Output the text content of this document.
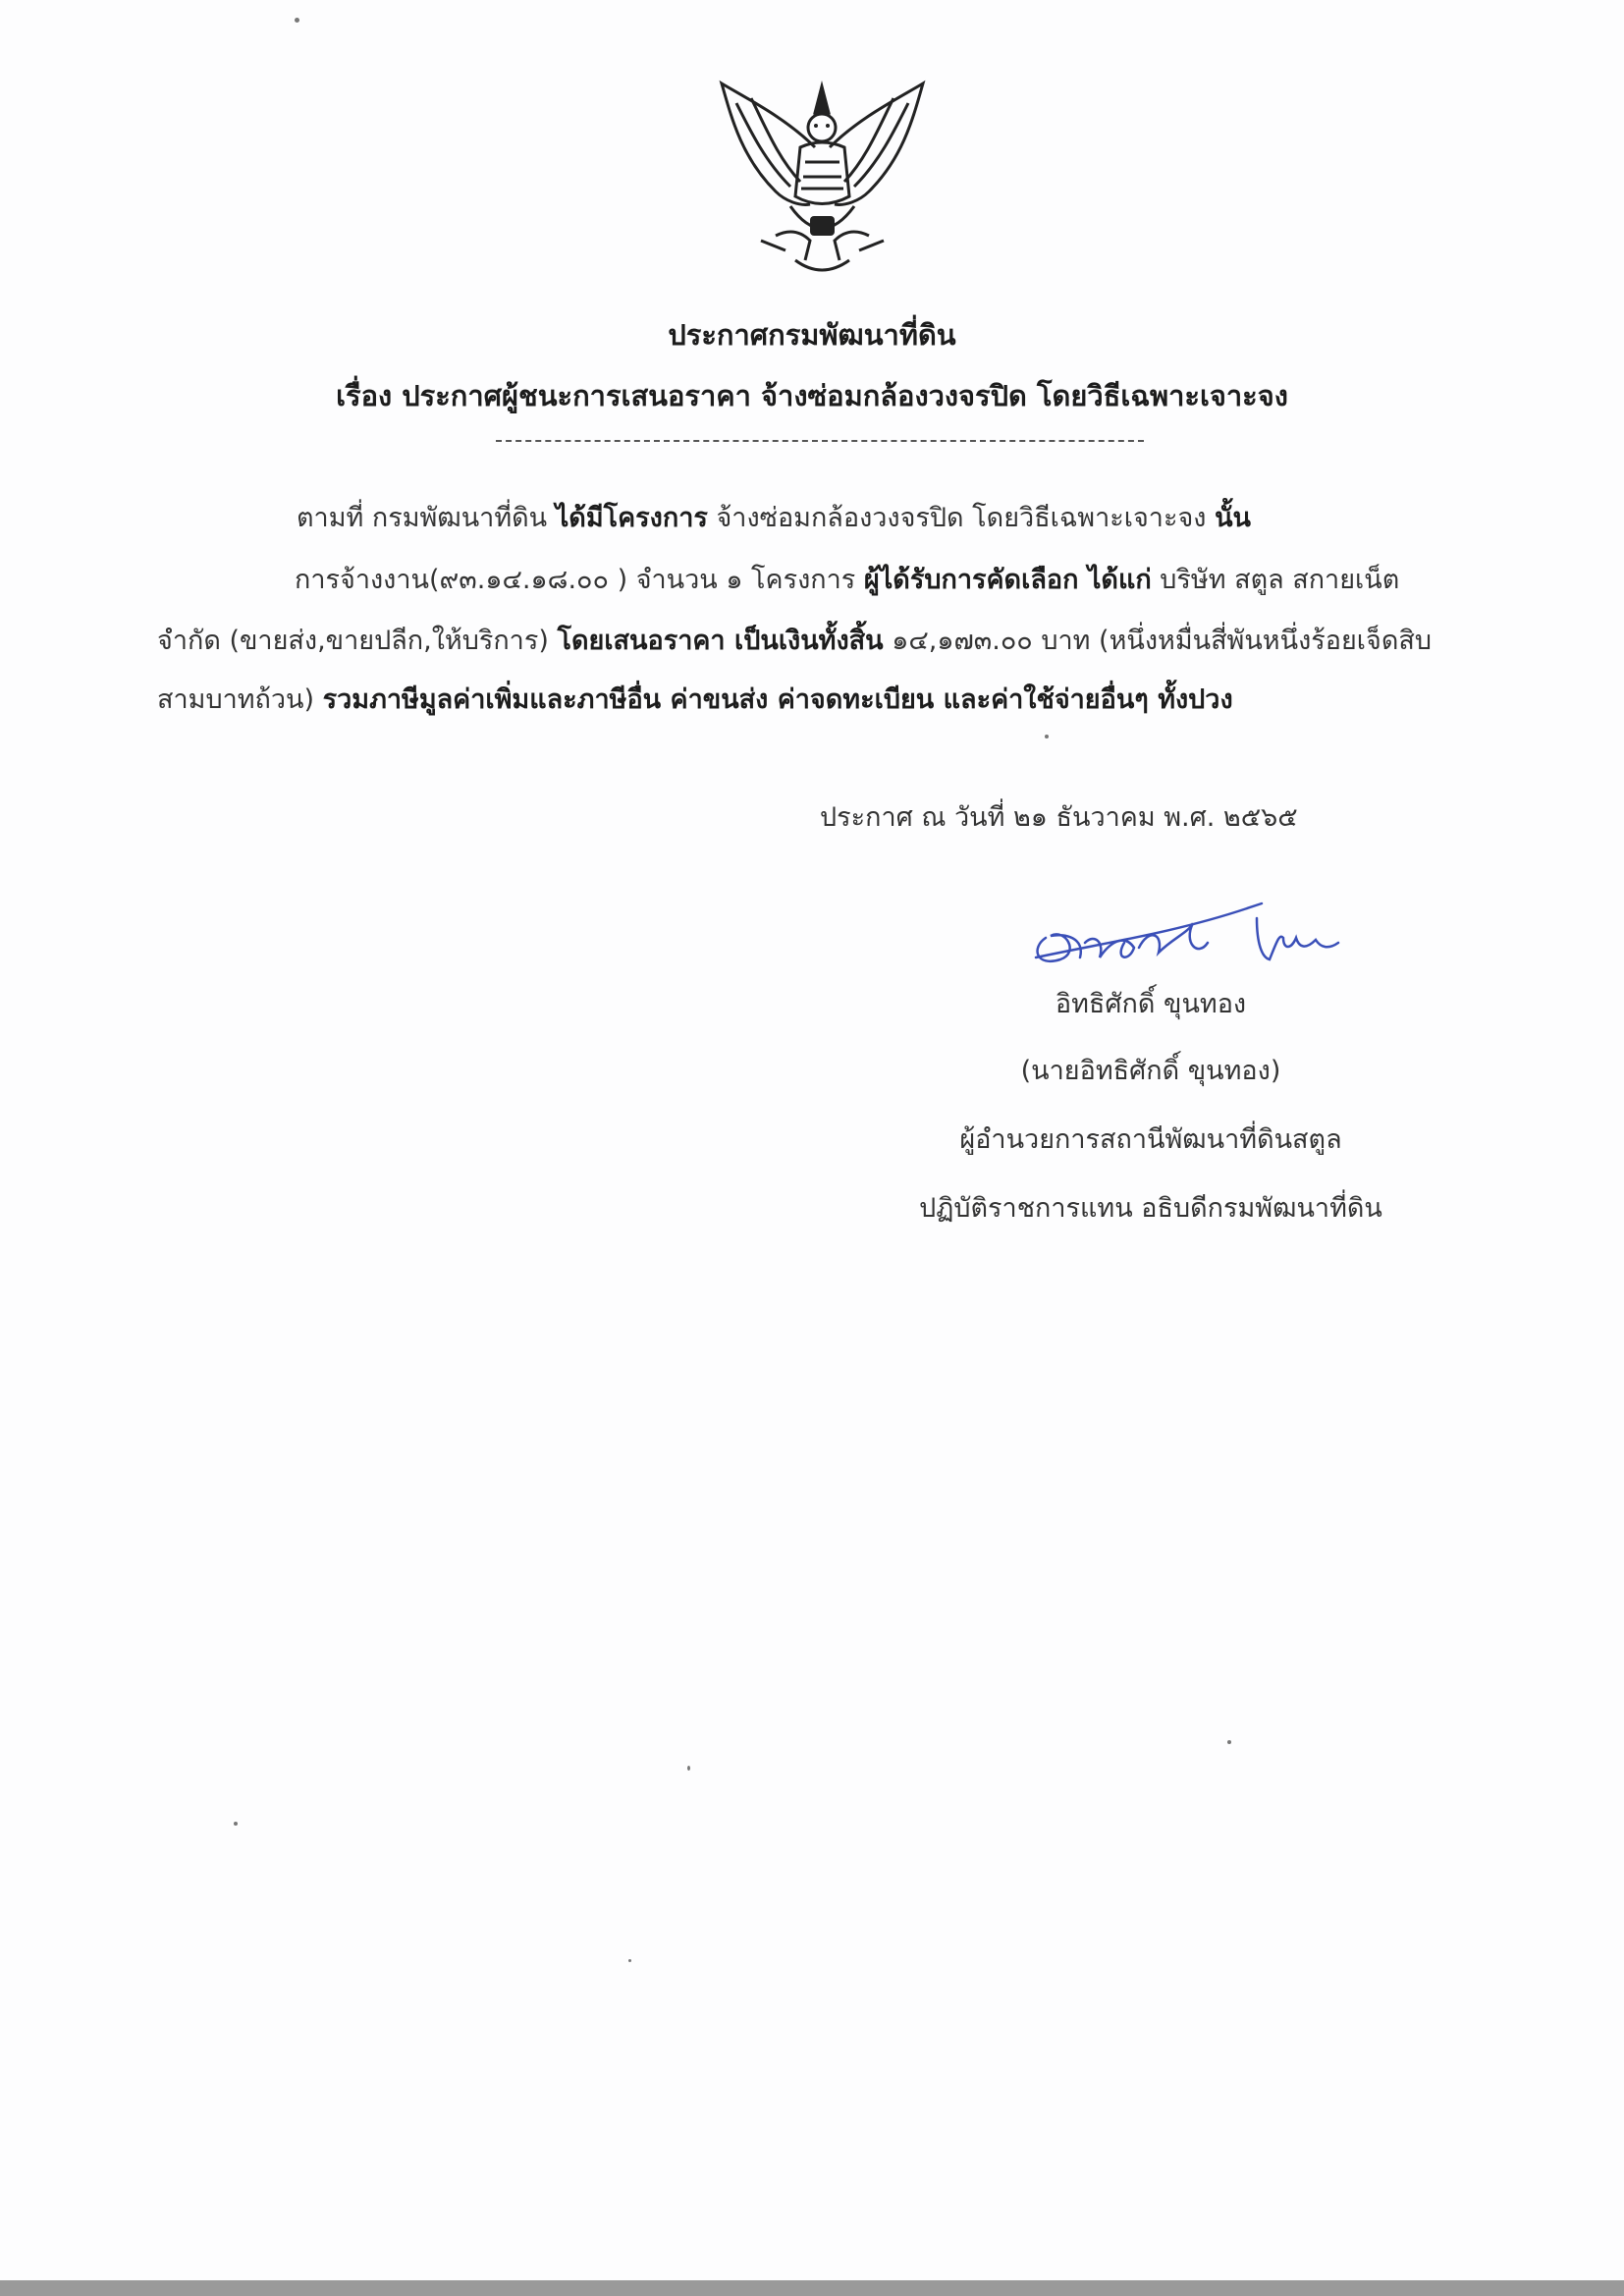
ประกาศกรมพัฒนาที่ดิน
เรื่อง ประกาศผู้ชนะการเสนอราคา จ้างซ่อมกล้องวงจรปิด โดยวิธีเฉพาะเจาะจง
ตามที่ กรมพัฒนาที่ดิน ได้มีโครงการ จ้างซ่อมกล้องวงจรปิด โดยวิธีเฉพาะเจาะจง นั้น
การจ้างงาน(๙๓.๑๔.๑๘.๐๐ ) จำนวน ๑ โครงการ ผู้ได้รับการคัดเลือก ได้แก่ บริษัท สตูล สกายเน็ต
จำกัด (ขายส่ง,ขายปลีก,ให้บริการ) โดยเสนอราคา เป็นเงินทั้งสิ้น ๑๔,๑๗๓.๐๐ บาท (หนึ่งหมื่นสี่พันหนึ่งร้อยเจ็ดสิบ
สามบาทถ้วน) รวมภาษีมูลค่าเพิ่มและภาษีอื่น ค่าขนส่ง ค่าจดทะเบียน และค่าใช้จ่ายอื่นๆ ทั้งปวง
ประกาศ ณ วันที่ ๒๑ ธันวาคม พ.ศ. ๒๕๖๕
อิทธิศักดิ์ ขุนทอง
(นายอิทธิศักดิ์ ขุนทอง)
ผู้อำนวยการสถานีพัฒนาที่ดินสตูล
ปฏิบัติราชการแทน อธิบดีกรมพัฒนาที่ดิน
